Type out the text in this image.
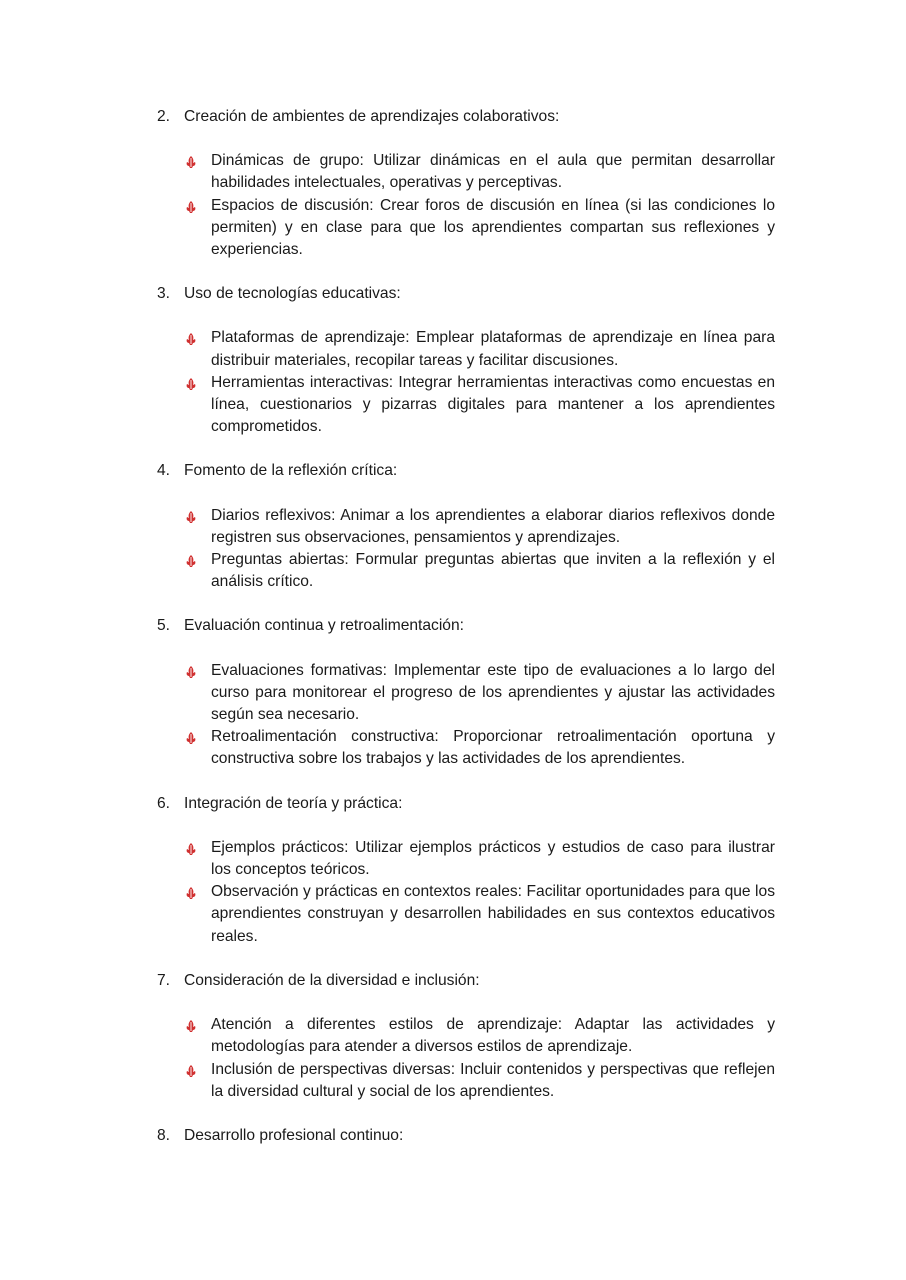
2. Creación de ambientes de aprendizajes colaborativos:
Dinámicas de grupo: Utilizar dinámicas en el aula que permitan desarrollar habilidades intelectuales, operativas y perceptivas.
Espacios de discusión: Crear foros de discusión en línea (si las condiciones lo permiten) y en clase para que los aprendientes compartan sus reflexiones y experiencias.
3. Uso de tecnologías educativas:
Plataformas de aprendizaje: Emplear plataformas de aprendizaje en línea para distribuir materiales, recopilar tareas y facilitar discusiones.
Herramientas interactivas: Integrar herramientas interactivas como encuestas en línea, cuestionarios y pizarras digitales para mantener a los aprendientes comprometidos.
4. Fomento de la reflexión crítica:
Diarios reflexivos: Animar a los aprendientes a elaborar diarios reflexivos donde registren sus observaciones, pensamientos y aprendizajes.
Preguntas abiertas: Formular preguntas abiertas que inviten a la reflexión y el análisis crítico.
5. Evaluación continua y retroalimentación:
Evaluaciones formativas: Implementar este tipo de evaluaciones a lo largo del curso para monitorear el progreso de los aprendientes y ajustar las actividades según sea necesario.
Retroalimentación constructiva: Proporcionar retroalimentación oportuna y constructiva sobre los trabajos y las actividades de los aprendientes.
6. Integración de teoría y práctica:
Ejemplos prácticos: Utilizar ejemplos prácticos y estudios de caso para ilustrar los conceptos teóricos.
Observación y prácticas en contextos reales: Facilitar oportunidades para que los aprendientes construyan y desarrollen habilidades en sus contextos educativos reales.
7. Consideración de la diversidad e inclusión:
Atención a diferentes estilos de aprendizaje: Adaptar las actividades y metodologías para atender a diversos estilos de aprendizaje.
Inclusión de perspectivas diversas: Incluir contenidos y perspectivas que reflejen la diversidad cultural y social de los aprendientes.
8. Desarrollo profesional continuo:
